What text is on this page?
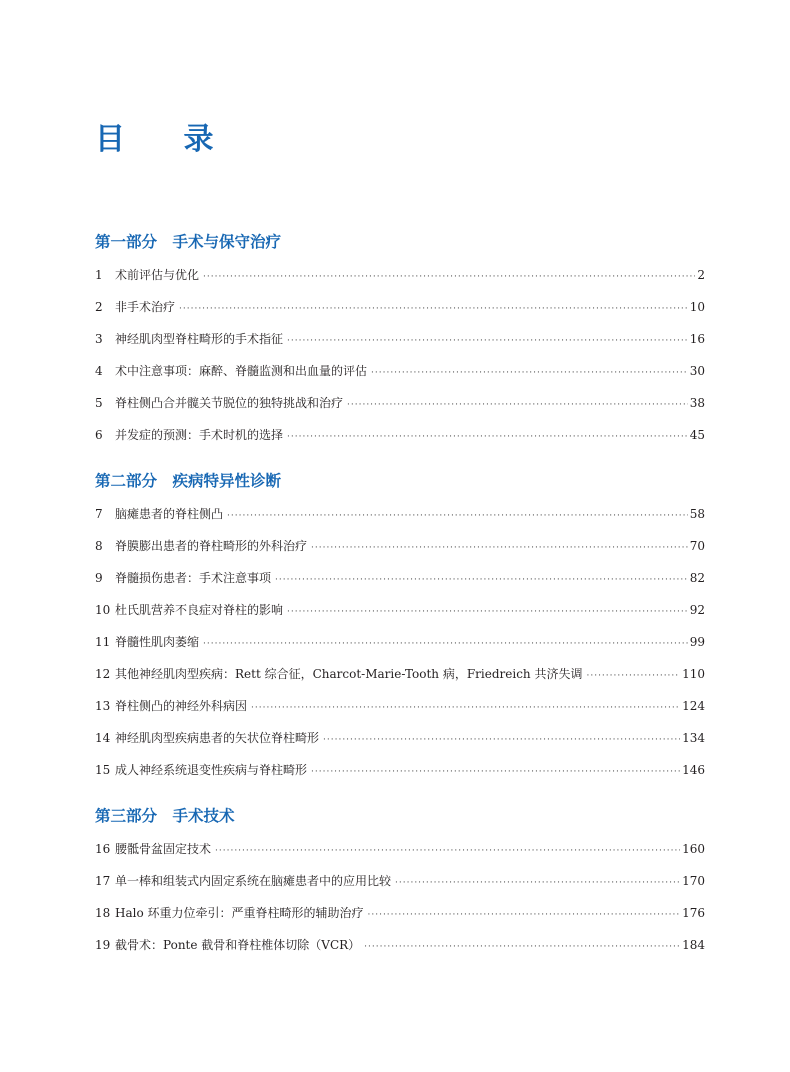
目 录
第一部分　手术与保守治疗
1	术前评估与优化 ·····	2
2	非手术治疗 ·····	10
3	神经肌肉型脊柱畸形的手术指征 ·····	16
4	术中注意事项：麻醉、脊髓监测和出血量的评估 ·····	30
5	脊柱侧凸合并髋关节脱位的独特挑战和治疗 ·····	38
6	并发症的预测：手术时机的选择 ·····	45
第二部分　疾病特异性诊断
7	脑瘫患者的脊柱侧凸 ·····	58
8	脊膜膨出患者的脊柱畸形的外科治疗 ·····	70
9	脊髓损伤患者：手术注意事项 ·····	82
10 杜氏肌营养不良症对脊柱的影响 ·····	92
11 脊髓性肌肉萎缩 ·····	99
12 其他神经肌肉型疾病：Rett 综合征，Charcot-Marie-Tooth 病，Friedreich 共济失调 ·····	110
13 脊柱侧凸的神经外科病因 ·····	124
14 神经肌肉型疾病患者的矢状位脊柱畸形 ·····	134
15 成人神经系统退变性疾病与脊柱畸形 ·····	146
第三部分　手术技术
16 腰骶骨盆固定技术 ·····	160
17 单一棒和组装式内固定系统在脑瘫患者中的应用比较 ·····	170
18 Halo 环重力位牵引：严重脊柱畸形的辅助治疗 ·····	176
19 截骨术：Ponte 截骨和脊柱椎体切除（VCR） ·····	184
